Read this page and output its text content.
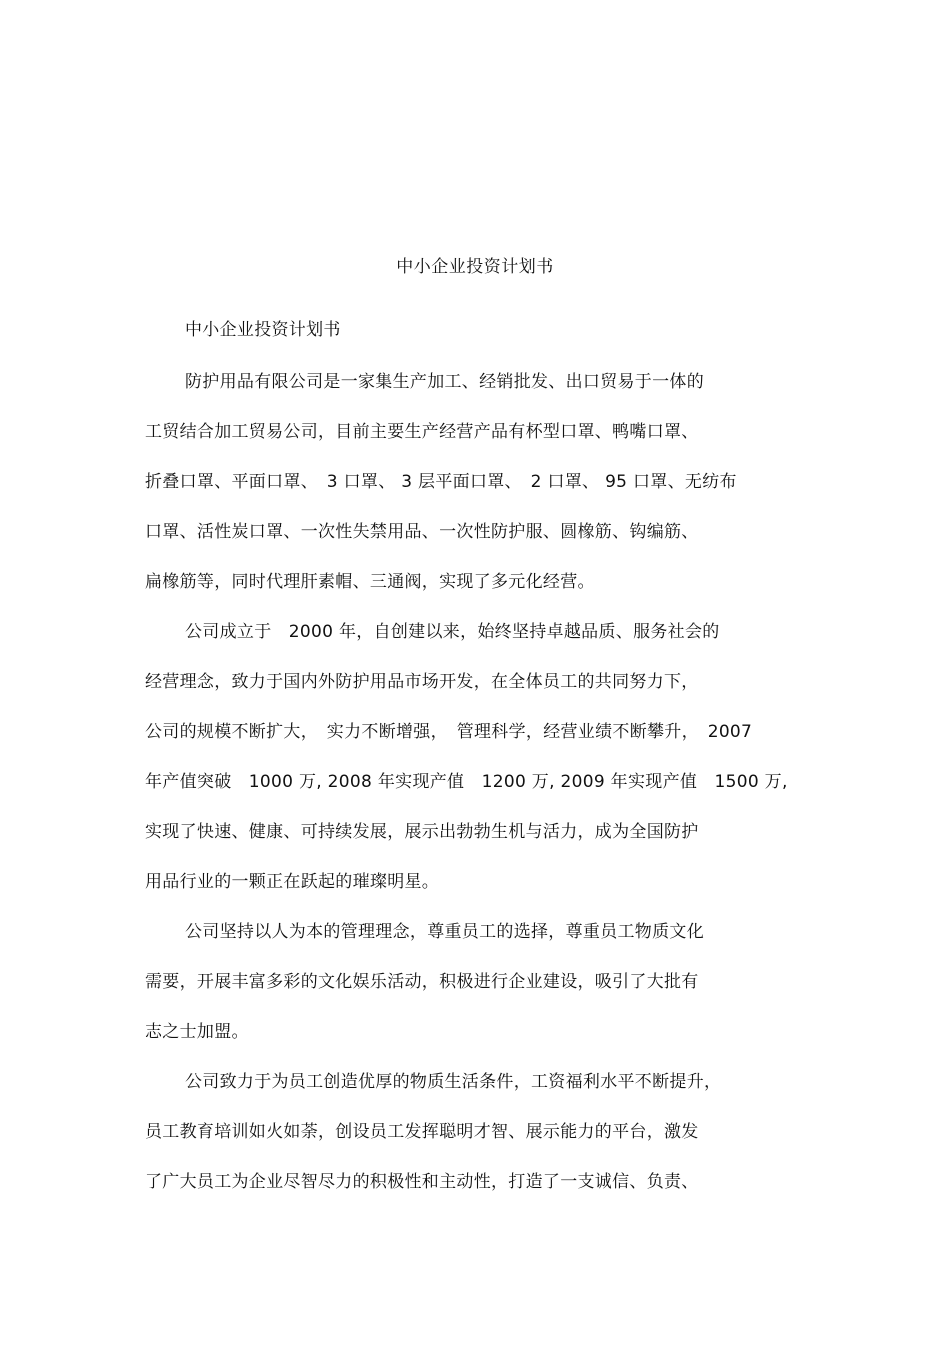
中小企业投资计划书
中小企业投资计划书
防护用品有限公司是一家集生产加工、经销批发、出口贸易于一体的
工贸结合加工贸易公司，目前主要生产经营产品有杯型口罩、鸭嘴口罩、
折叠口罩、平面口罩、　3 口罩、 3 层平面口罩、　2 口罩、 95 口罩、无纺布
口罩、活性炭口罩、一次性失禁用品、一次性防护服、圆橡筋、钩编筋、
扁橡筋等，同时代理肝素帽、三通阀，实现了多元化经营。
公司成立于　2000 年，自创建以来，始终坚持卓越品质、服务社会的
经营理念，致力于国内外防护用品市场开发，在全体员工的共同努力下，
公司的规模不断扩大，　实力不断增强，　管理科学，经营业绩不断攀升，　2007
年产值突破　1000 万, 2008 年实现产值　1200 万, 2009 年实现产值　1500 万,
实现了快速、健康、可持续发展，展示出勃勃生机与活力，成为全国防护
用品行业的一颗正在跃起的璀璨明星。
公司坚持以人为本的管理理念，尊重员工的选择，尊重员工物质文化
需要，开展丰富多彩的文化娱乐活动，积极进行企业建设，吸引了大批有
志之士加盟。
公司致力于为员工创造优厚的物质生活条件，工资福利水平不断提升，
员工教育培训如火如荼，创设员工发挥聪明才智、展示能力的平台，激发
了广大员工为企业尽智尽力的积极性和主动性，打造了一支诚信、负责、
